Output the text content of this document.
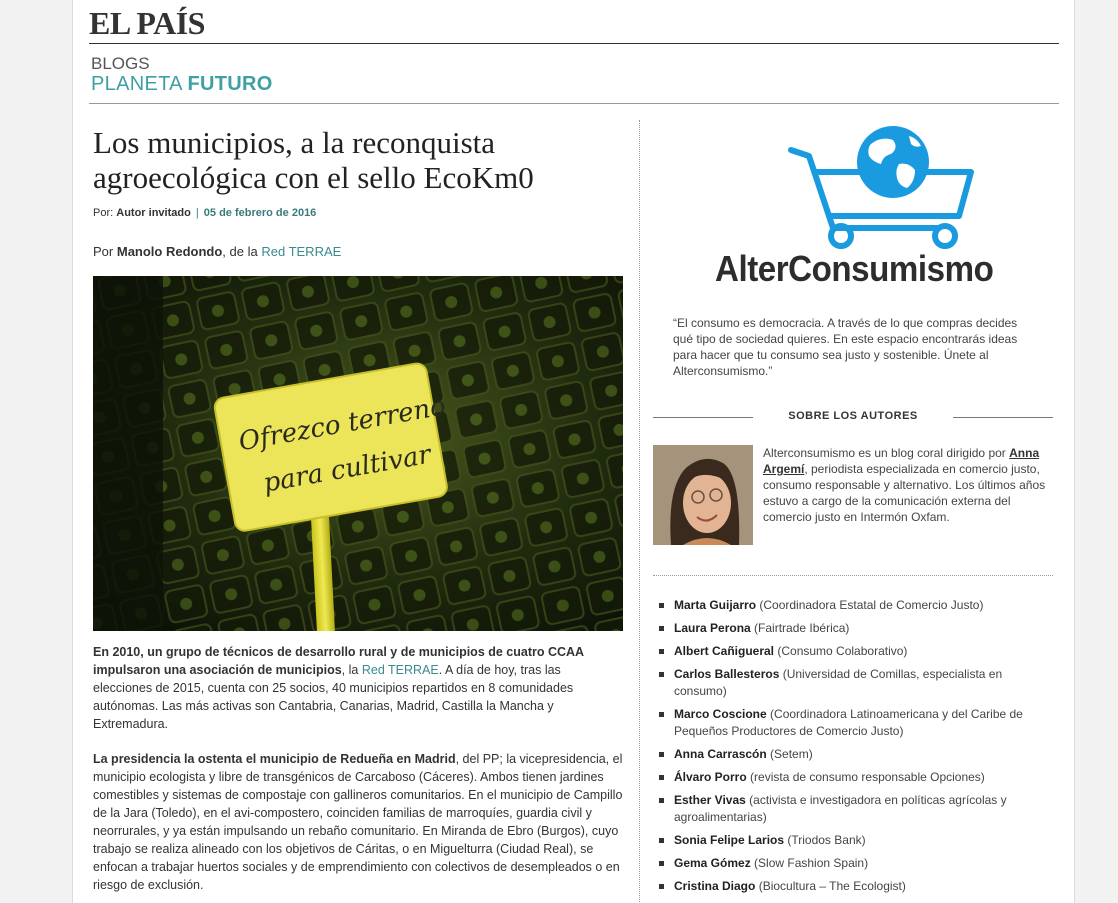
EL PAÍS
BLOGS
PLANETA FUTURO
Los municipios, a la reconquista agroecológica con el sello EcoKm0
Por: Autor invitado | 05 de febrero de 2016
Por Manolo Redondo, de la Red TERRAE
Ofrezco terreno
para cultivar

En 2010, un grupo de técnicos de desarrollo rural y de municipios de cuatro CCAA impulsaron una asociación de municipios, la Red TERRAE. A día de hoy, tras las elecciones de 2015, cuenta con 25 socios, 40 municipios repartidos en 8 comunidades autónomas. Las más activas son Cantabria, Canarias, Madrid, Castilla la Mancha y Extremadura.

La presidencia la ostenta el municipio de Redueña en Madrid, del PP; la vicepresidencia, el municipio ecologista y libre de transgénicos de Carcaboso (Cáceres). Ambos tienen jardines comestibles y sistemas de compostaje con gallineros comunitarios. En el municipio de Campillo de la Jara (Toledo), en el avi-compostero, coinciden familias de marroquíes, guardia civil y neorrurales, y ya están impulsando un rebaño comunitario. En Miranda de Ebro (Burgos), cuyo trabajo se realiza alineado con los objetivos de Cáritas, o en Miguelturra (Ciudad Real), se enfocan a trabajar huertos sociales y de emprendimiento con colectivos de desempleados o en riesgo de exclusión.

AlterConsumismo
“El consumo es democracia. A través de lo que compras decides qué tipo de sociedad quieres. En este espacio encontrarás ideas para hacer que tu consumo sea justo y sostenible. Únete al Alterconsumismo.”
SOBRE LOS AUTORES
Alterconsumismo es un blog coral dirigido por Anna Argemí, periodista especializada en comercio justo, consumo responsable y alternativo. Los últimos años estuvo a cargo de la comunicación externa del comercio justo en Intermón Oxfam.
Marta Guijarro (Coordinadora Estatal de Comercio Justo)
Laura Perona (Fairtrade Ibérica)
Albert Cañigueral (Consumo Colaborativo)
Carlos Ballesteros (Universidad de Comillas, especialista en consumo)
Marco Coscione (Coordinadora Latinoamericana y del Caribe de Pequeños Productores de Comercio Justo)
Anna Carrascón (Setem)
Álvaro Porro (revista de consumo responsable Opciones)
Esther Vivas (activista e investigadora en políticas agrícolas y agroalimentarias)
Sonia Felipe Larios (Triodos Bank)
Gema Gómez (Slow Fashion Spain)
Cristina Diago (Biocultura – The Ecologist)
